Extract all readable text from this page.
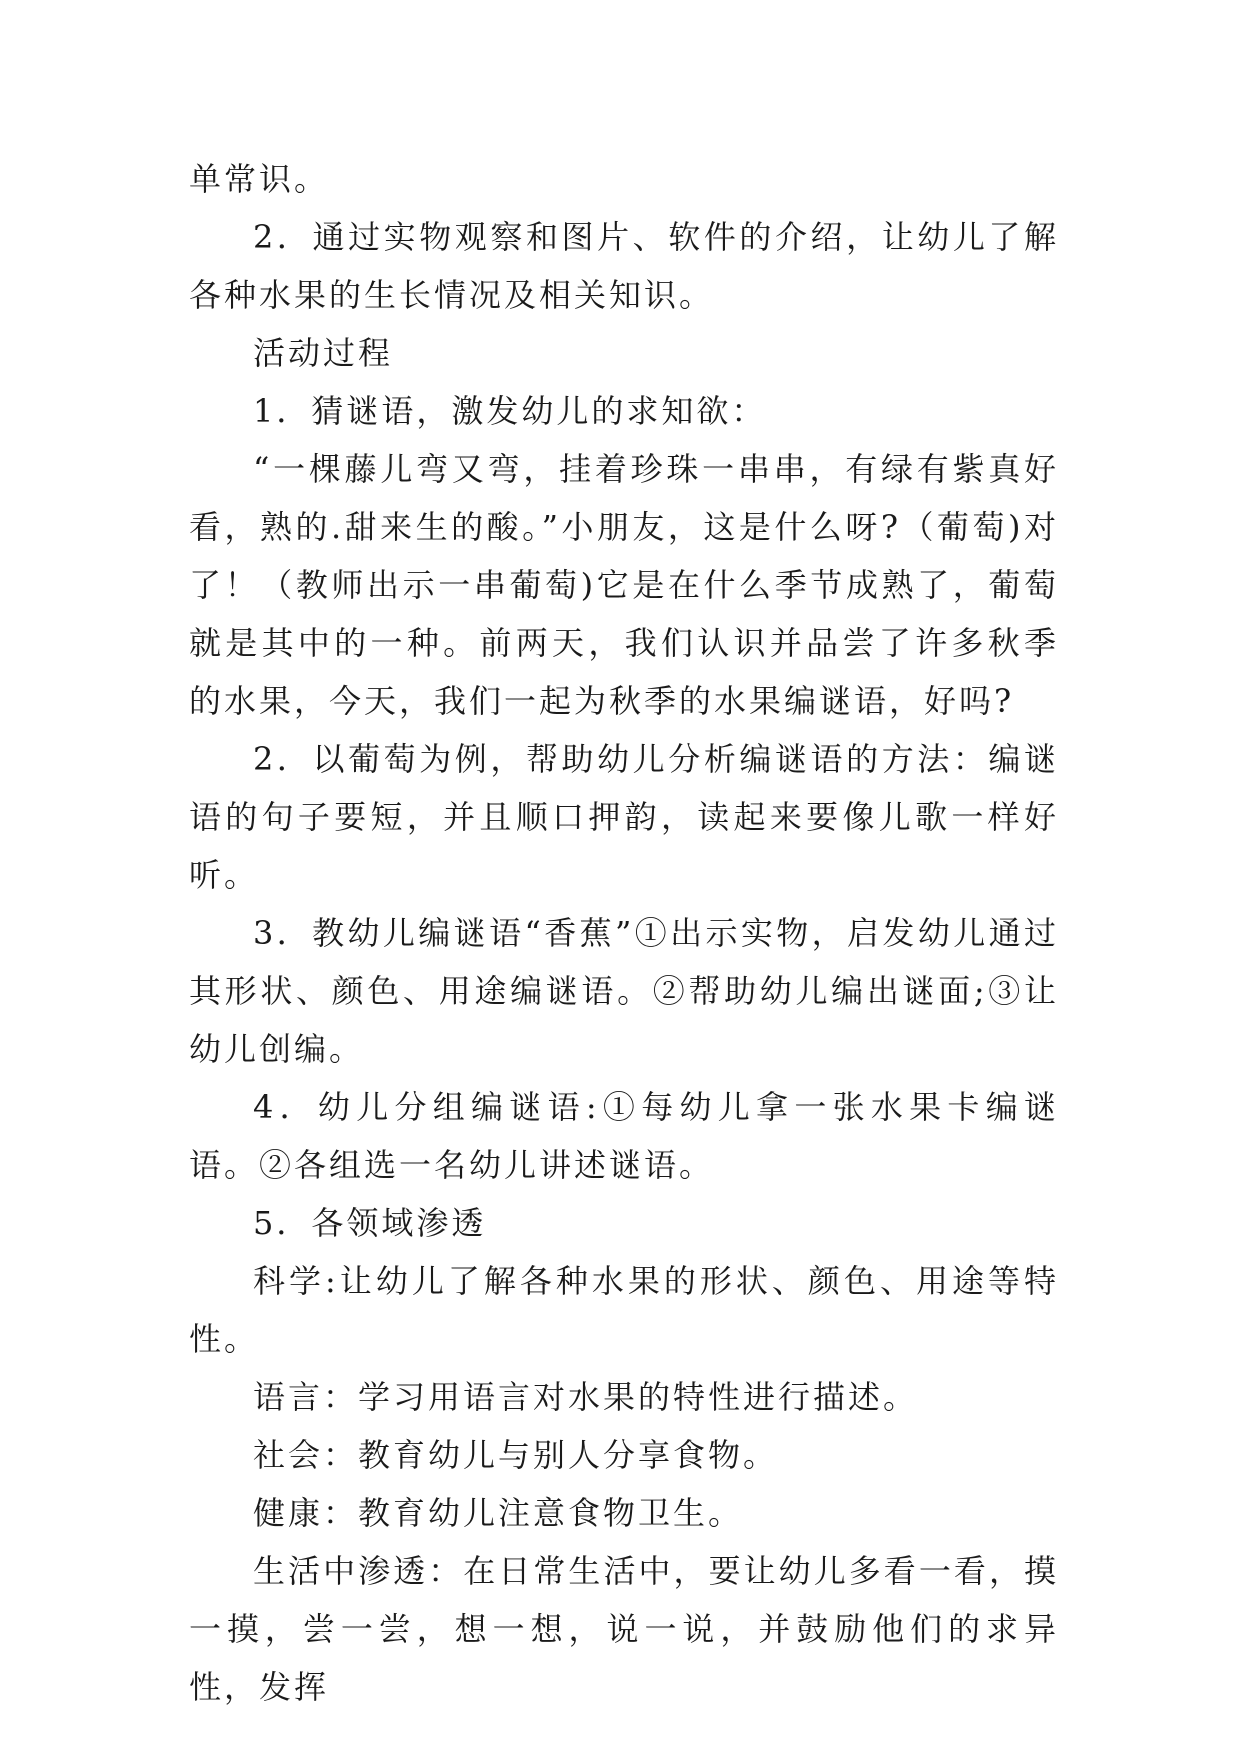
单常识。

2．通过实物观察和图片、软件的介绍，让幼儿了解各种水果的生长情况及相关知识。

活动过程

1．猜谜语，激发幼儿的求知欲：

“一棵藤儿弯又弯，挂着珍珠一串串，有绿有紫真好看，熟的.甜来生的酸。”小朋友，这是什么呀?（葡萄)对了！（教师出示一串葡萄)它是在什么季节成熟了，葡萄就是其中的一种。前两天，我们认识并品尝了许多秋季的水果，今天，我们一起为秋季的水果编谜语，好吗?

2．以葡萄为例，帮助幼儿分析编谜语的方法：编谜语的句子要短，并且顺口押韵，读起来要像儿歌一样好听。

3．教幼儿编谜语“香蕉”①出示实物，启发幼儿通过其形状、颜色、用途编谜语。②帮助幼儿编出谜面;③让幼儿创编。

4．幼儿分组编谜语:①每幼儿拿一张水果卡编谜语。②各组选一名幼儿讲述谜语。

5．各领域渗透

科学:让幼儿了解各种水果的形状、颜色、用途等特性。

语言：学习用语言对水果的特性进行描述。

社会：教育幼儿与别人分享食物。

健康：教育幼儿注意食物卫生。

生活中渗透：在日常生活中，要让幼儿多看一看，摸一摸，尝一尝，想一想，说一说，并鼓励他们的求异性，发挥
